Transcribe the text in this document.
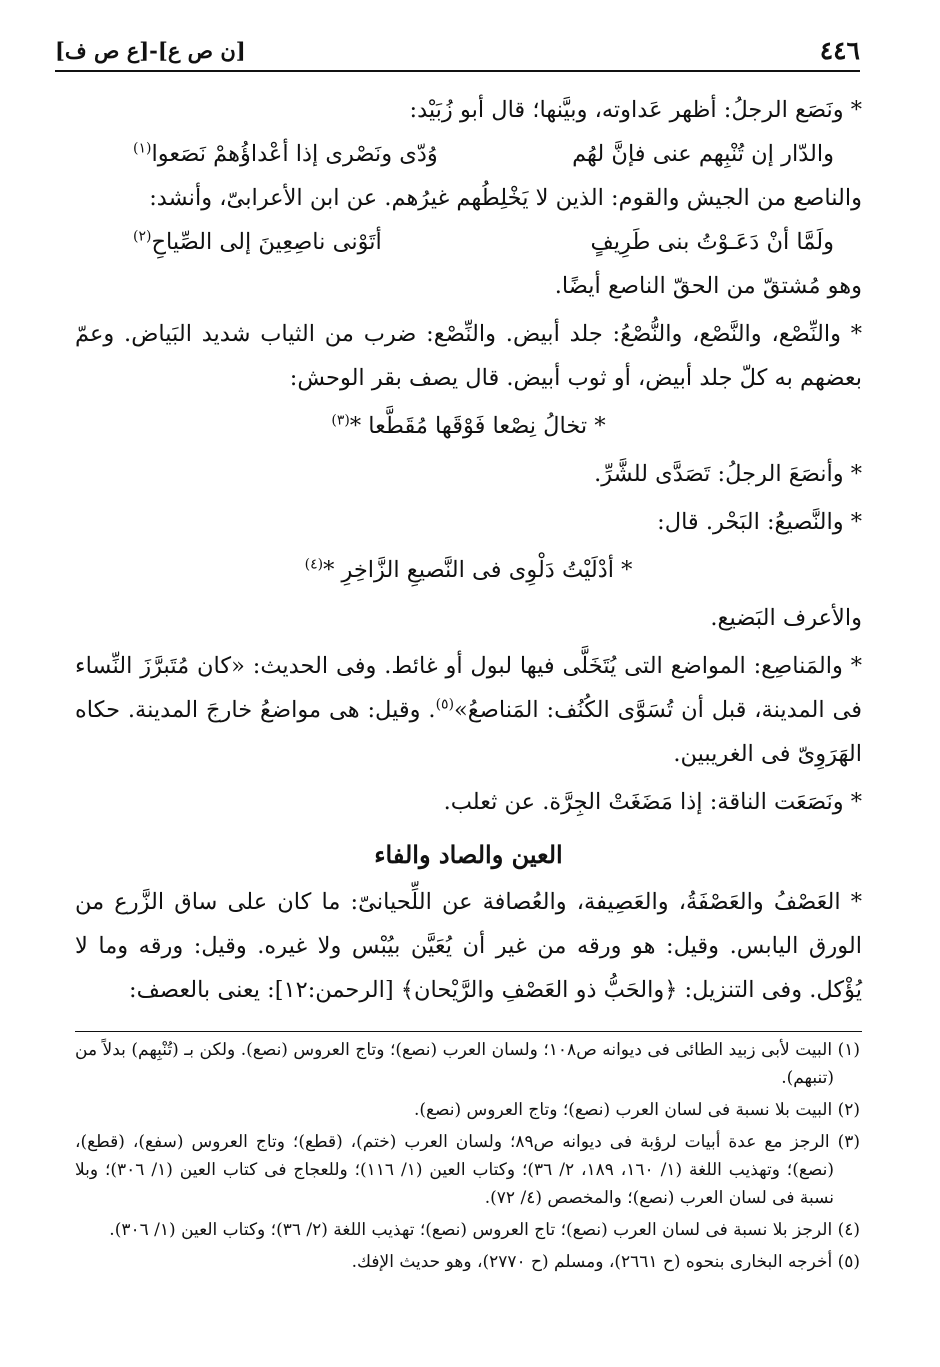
٤٤٦
[ن ص ع]-[ع ص ف]

* ونَصَع الرجلُ: أظهر عَداوته، وبيَّنها؛ قال أبو زُبَيْد:

والدّار إن تُنْبِهم عنى فإنَّ لهُم
وُدّى ونَصْرى إذا أعْداؤُهمْ نَصَعوا$^{(١)}$

والناصع من الجيش والقوم: الذين لا يَخْلِطُهم غيرُهم. عن ابن الأعرابىّ، وأنشد:

ولَمَّا أنْ دَعَـوْتُ بنى طَرِيفٍ
أتَوْنى ناصِعِينَ إلى الصِّياحِ$^{(٢)}$

وهو مُشتقّ من الحقّ الناصع أيضًا.

* والنِّصْع، والنَّصْع، والنُّصْعُ: جلد أبيض. والنِّصْع: ضرب من الثياب شديد البَياض. وعمّ بعضهم به كلّ جلد أبيض، أو ثوب أبيض. قال يصف بقر الوحش:

* تخالُ نِصْعا فَوْقَها مُقَطَّعا *$^{(٣)}$

* وأنصَعَ الرجلُ: تَصَدَّى للشَّرِّ.

* والنَّصيعُ: البَحْر. قال:

* أدْلَيْتُ دَلْوِى فى النَّصيعِ الزَّاخِرِ *$^{(٤)}$

والأعرف البَضيع.

* والمَناصِع: المواضع التى يُتَخَلَّى فيها لبول أو غائط. وفى الحديث: «كان مُتَبرَّزَ النِّساء فى المدينة، قبل أن تُسَوَّى الكُنُف: المَناصعُ»$^{(٥)}$. وقيل: هى مواضعُ خارجَ المدينة. حكاه الهَرَوِىّ فى الغريبين.

* ونَصَعَت الناقة: إذا مَضَغَتْ الجِرَّة. عن ثعلب.

العين والصاد والفاء

* العَصْفُ والعَصْفَةُ، والعَصِيفة، والعُصافة عن اللِّحيانىّ: ما كان على ساق الزَّرع من الورق اليابس. وقيل: هو ورقه من غير أن يُعَيَّن بيُبْس ولا غيره. وقيل: ورقه وما لا يُؤْكل. وفى التنزيل: ﴿والحَبُّ ذو العَصْفِ والرَّيْحان﴾ [الرحمن:١٢]: يعنى بالعصف:

(١) البيت لأبى زبيد الطائى فى ديوانه ص١٠٨؛ ولسان العرب (نصع)؛ وتاج العروس (نصع). ولكن بـ (تُنْبِهم) بدلاً من (تنبهم).

(٢) البيت بلا نسبة فى لسان العرب (نصع)؛ وتاج العروس (نصع).

(٣) الرجز مع عدة أبيات لرؤبة فى ديوانه ص٨٩؛ ولسان العرب (ختم)، (قطع)؛ وتاج العروس (سفع)، (قطع)، (نصع)؛ وتهذيب اللغة (١/ ١٦٠، ١٨٩، ٢/ ٣٦)؛ وكتاب العين (١/ ١١٦)؛ وللعجاج فى كتاب العين (١/ ٣٠٦)؛ وبلا نسبة فى لسان العرب (نصع)؛ والمخصص (٤/ ٧٢).

(٤) الرجز بلا نسبة فى لسان العرب (نصع)؛ تاج العروس (نصع)؛ تهذيب اللغة (٢/ ٣٦)؛ وكتاب العين (١/ ٣٠٦).

(٥) أخرجه البخارى بنحوه (ح ٢٦٦١)، ومسلم (ح ٢٧٧٠)، وهو حديث الإفك.
